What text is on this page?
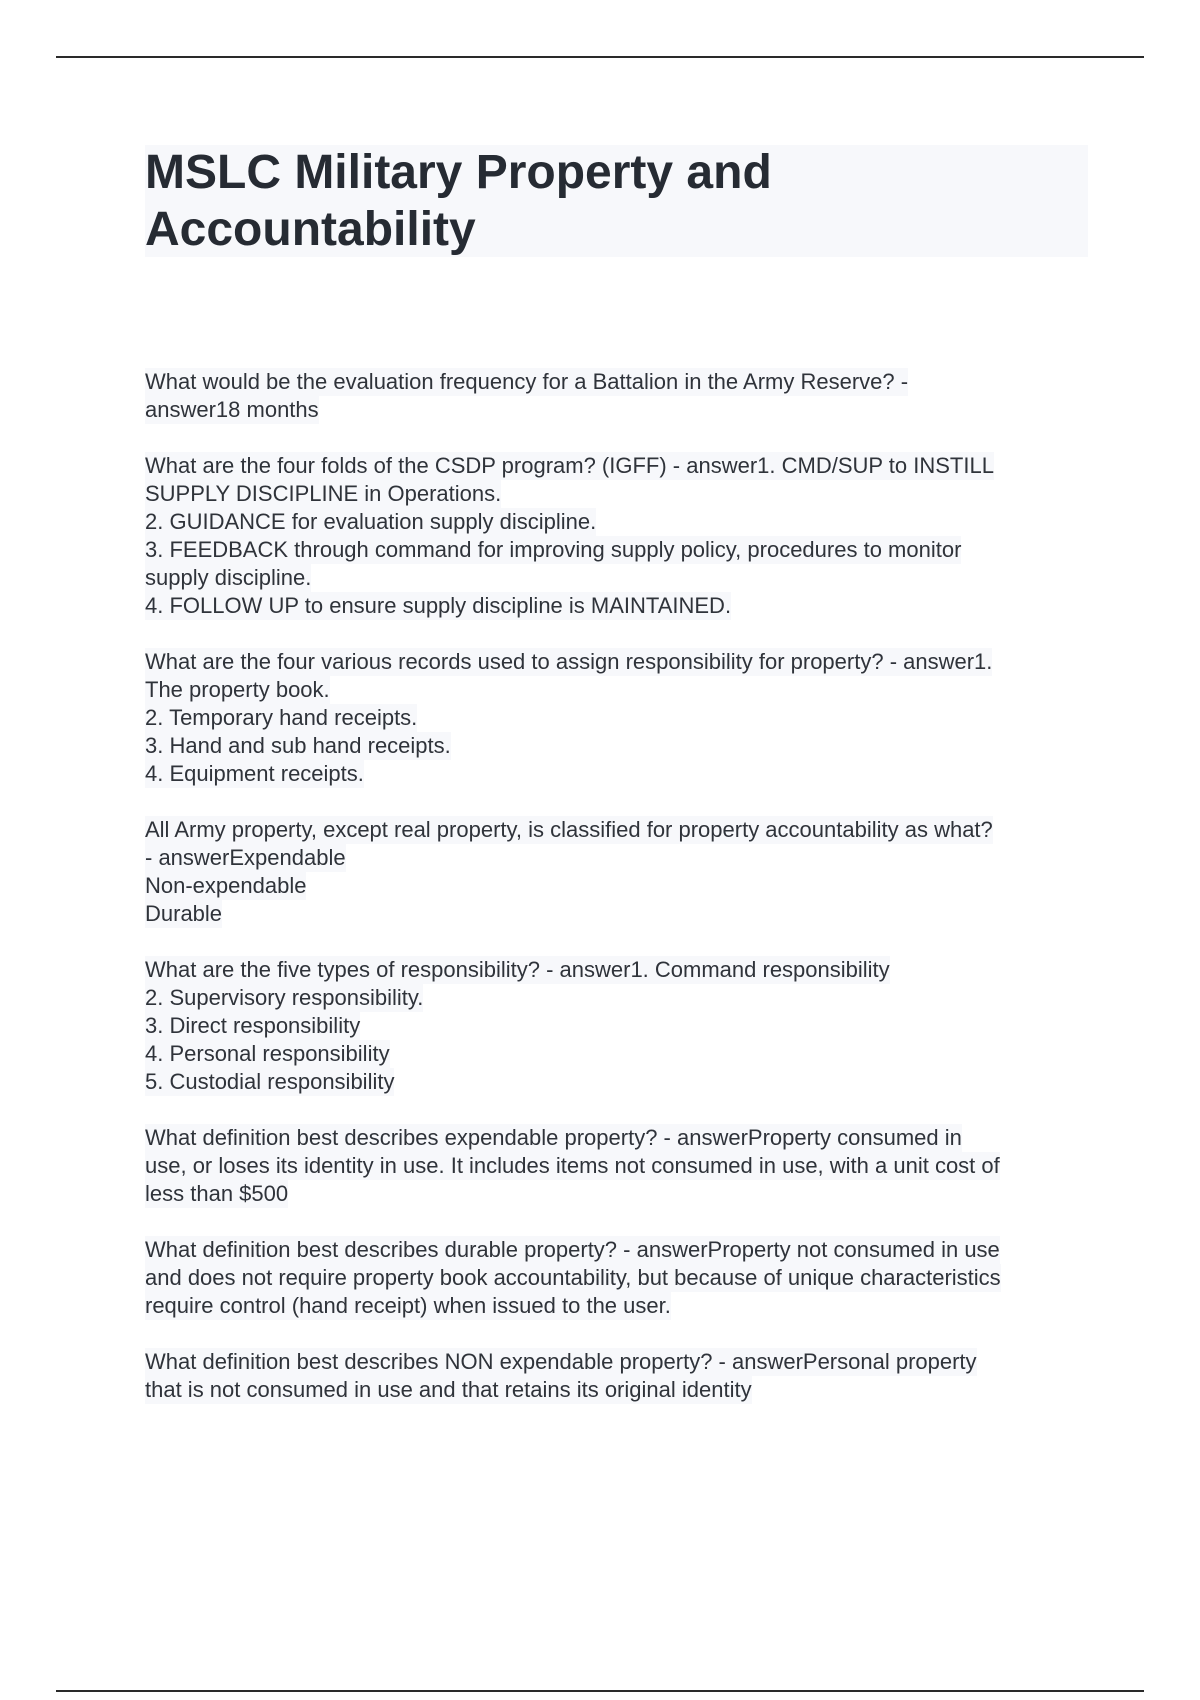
MSLC Military Property and
Accountability
What would be the evaluation frequency for a Battalion in the Army Reserve? -
answer18 months
What are the four folds of the CSDP program? (IGFF) - answer1. CMD/SUP to INSTILL
SUPPLY DISCIPLINE in Operations.
2. GUIDANCE for evaluation supply discipline.
3. FEEDBACK through command for improving supply policy, procedures to monitor
supply discipline.
4. FOLLOW UP to ensure supply discipline is MAINTAINED.
What are the four various records used to assign responsibility for property? - answer1.
The property book.
2. Temporary hand receipts.
3. Hand and sub hand receipts.
4. Equipment receipts.
All Army property, except real property, is classified for property accountability as what?
- answerExpendable
Non-expendable
Durable
What are the five types of responsibility? - answer1. Command responsibility
2. Supervisory responsibility.
3. Direct responsibility
4. Personal responsibility
5. Custodial responsibility
What definition best describes expendable property? - answerProperty consumed in
use, or loses its identity in use. It includes items not consumed in use, with a unit cost of
less than $500
What definition best describes durable property? - answerProperty not consumed in use
and does not require property book accountability, but because of unique characteristics
require control (hand receipt) when issued to the user.
What definition best describes NON expendable property? - answerPersonal property
that is not consumed in use and that retains its original identity
